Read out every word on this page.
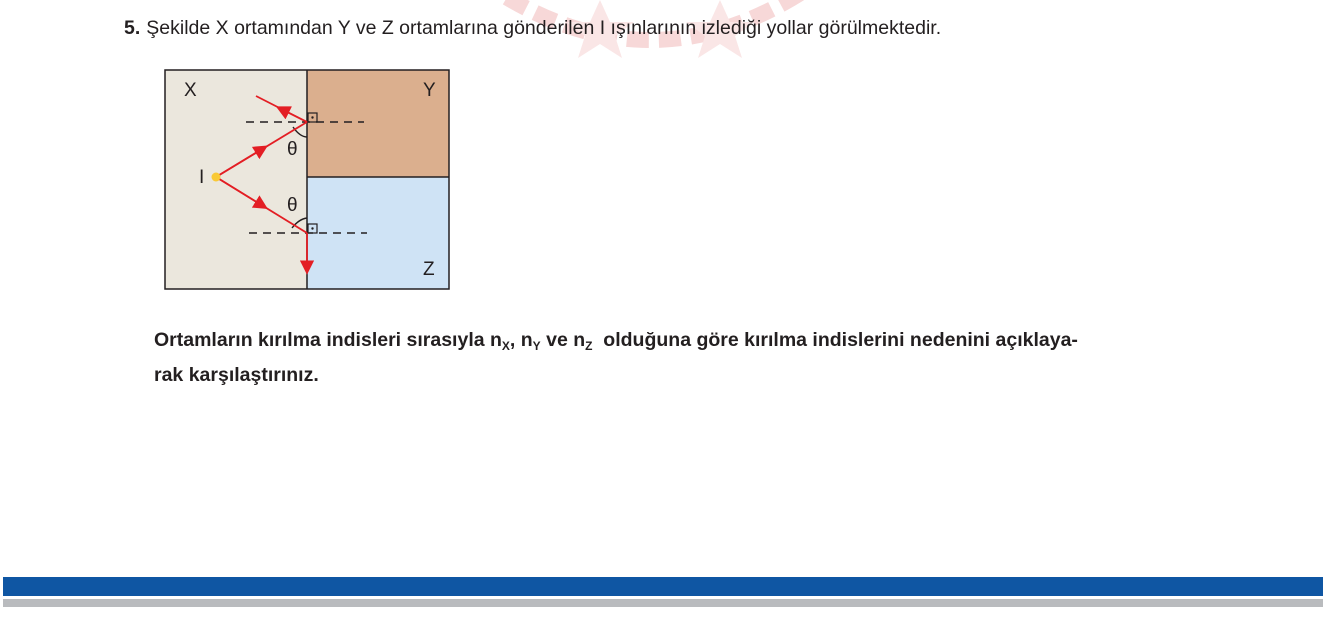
5. Şekilde X ortamından Y ve Z ortamlarına gönderilen I ışınlarının izlediği yollar görülmektedir.
X	Y
Z
I
θ
θ
Ortamların kırılma indisleri sırasıyla $n_X$, $n_Y$ ve $n_Z$  olduğuna göre kırılma indislerini nedenini açıklaya-
rak karşılaştırınız.
